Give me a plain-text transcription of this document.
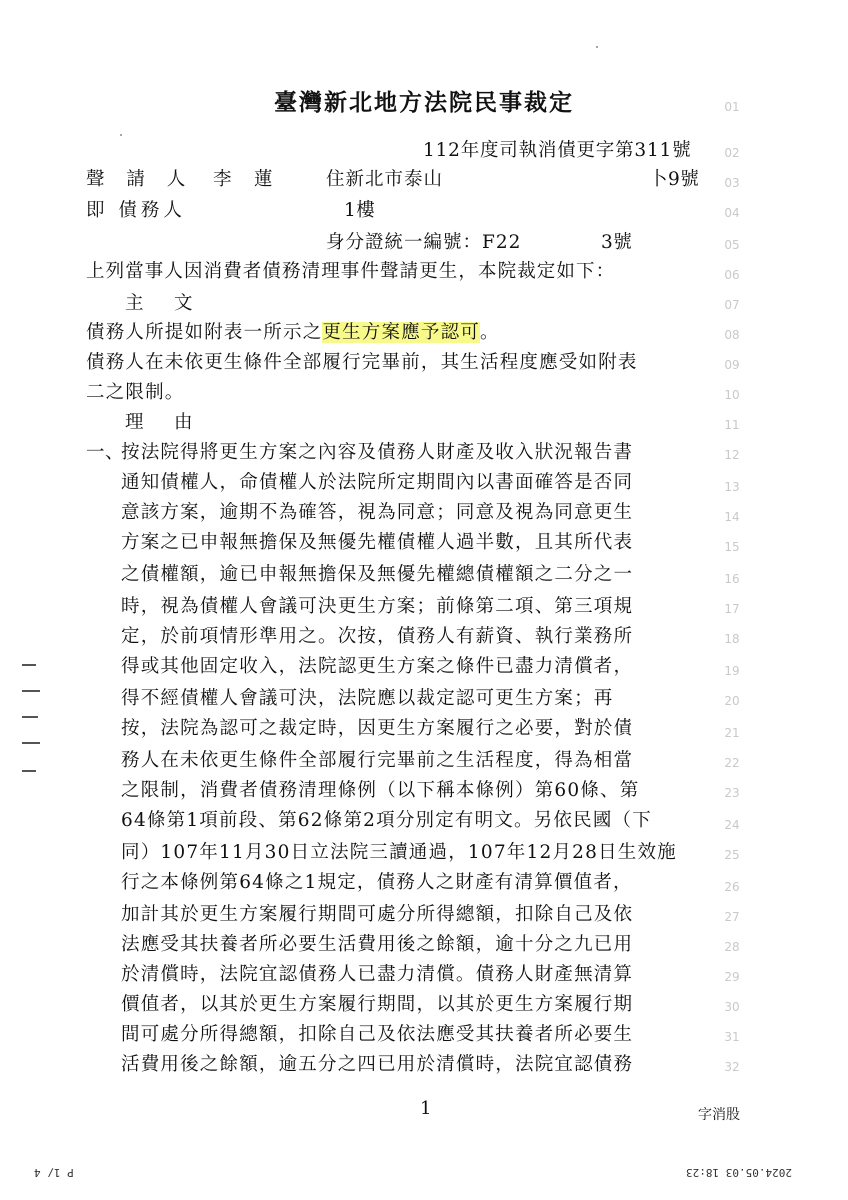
臺灣新北地方法院民事裁定
112年度司執消債更字第311號
聲 請 人 李　蓮	住新北市泰山	卜9號
即 債務人	1樓
身分證統一編號：F22	3號
上列當事人因消費者債務清理事件聲請更生，本院裁定如下：
主　文
債務人所提如附表一所示之更生方案應予認可。
債務人在未依更生條件全部履行完畢前，其生活程度應受如附表
二之限制。
理　由
一、
按法院得將更生方案之內容及債務人財產及收入狀況報告書
通知債權人，命債權人於法院所定期間內以書面確答是否同
意該方案，逾期不為確答，視為同意；同意及視為同意更生
方案之已申報無擔保及無優先權債權人過半數，且其所代表
之債權額，逾已申報無擔保及無優先權總債權額之二分之一
時，視為債權人會議可決更生方案；前條第二項、第三項規
定，於前項情形準用之。次按，債務人有薪資、執行業務所
得或其他固定收入，法院認更生方案之條件已盡力清償者，
得不經債權人會議可決，法院應以裁定認可更生方案；再
按，法院為認可之裁定時，因更生方案履行之必要，對於債
務人在未依更生條件全部履行完畢前之生活程度，得為相當
之限制，消費者債務清理條例（以下稱本條例）第60條、第
64條第1項前段、第62條第2項分別定有明文。另依民國（下
同）107年11月30日立法院三讀通過，107年12月28日生效施
行之本條例第64條之1規定，債務人之財產有清算價值者，
加計其於更生方案履行期間可處分所得總額，扣除自己及依
法應受其扶養者所必要生活費用後之餘額，逾十分之九已用
於清償時，法院宜認債務人已盡力清償。債務人財產無清算
價值者，以其於更生方案履行期間，以其於更生方案履行期
間可處分所得總額，扣除自己及依法應受其扶養者所必要生
活費用後之餘額，逾五分之四已用於清償時，法院宜認債務
01
02
03
04
05
06
07
08
09
10
11
12
13
14
15
16
17
18
19
20
21
22
23
24
25
26
27
28
29
30
31
32
1	字消股
P 1/ 4	2024.05.03 18:23
